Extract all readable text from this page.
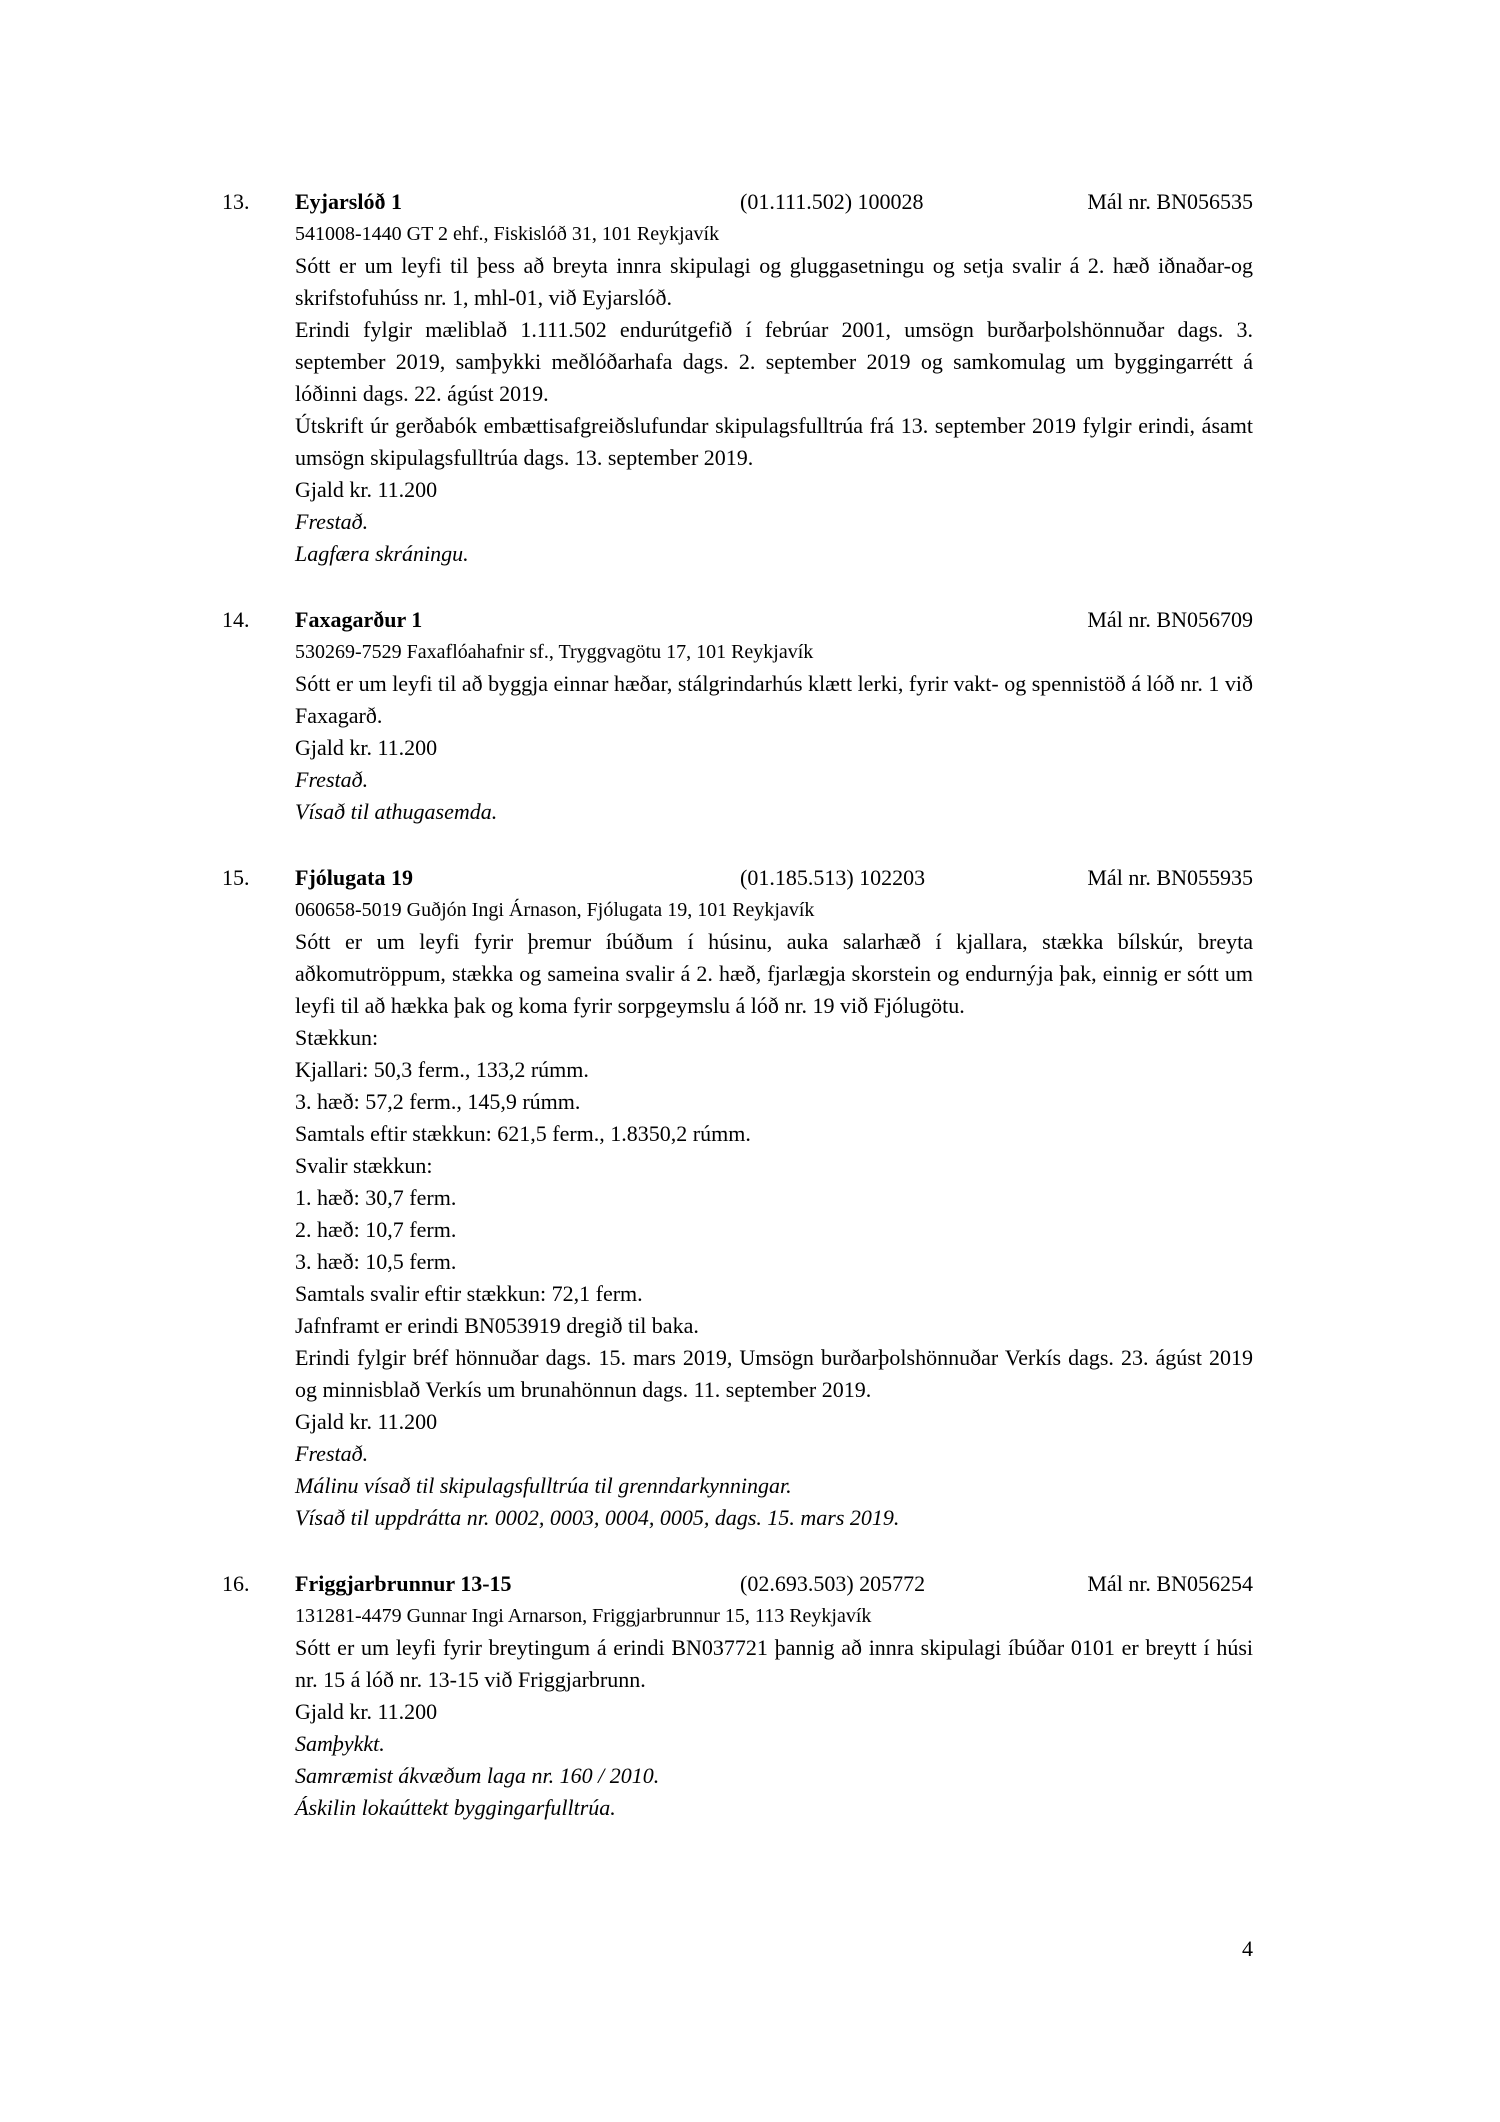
13.	Eyjarslóð 1	(01.111.502) 100028	Mál nr. BN056535

541008-1440 GT 2 ehf., Fiskislóð 31, 101 Reykjavík

Sótt er um leyfi til þess að breyta innra skipulagi og gluggasetningu og setja svalir á 2. hæð iðnaðar-og skrifstofuhúss nr. 1, mhl-01, við Eyjarslóð.

Erindi fylgir mæliblað 1.111.502 endurútgefið í febrúar 2001, umsögn burðarþolshönnuðar dags. 3. september 2019, samþykki meðlóðarhafa dags. 2. september 2019 og samkomulag um byggingarrétt á lóðinni dags. 22. ágúst 2019.

Útskrift úr gerðabók embættisafgreiðslufundar skipulagsfulltrúa frá 13. september 2019 fylgir erindi, ásamt umsögn skipulagsfulltrúa dags. 13. september 2019.

Gjald kr. 11.200

Frestað.

Lagfæra skráningu.

14.	Faxagarður 1	Mál nr. BN056709

530269-7529 Faxaflóahafnir sf., Tryggvagötu 17, 101 Reykjavík

Sótt er um leyfi til að byggja einnar hæðar, stálgrindarhús klætt lerki, fyrir vakt- og spennistöð á lóð nr. 1 við Faxagarð.

Gjald kr. 11.200

Frestað.

Vísað til athugasemda.

15.	Fjólugata 19	(01.185.513) 102203	Mál nr. BN055935

060658-5019 Guðjón Ingi Árnason, Fjólugata 19, 101 Reykjavík

Sótt er um leyfi fyrir þremur íbúðum í húsinu, auka salarhæð í kjallara, stækka bílskúr, breyta aðkomutröppum, stækka og sameina svalir á 2. hæð, fjarlægja skorstein og endurnýja þak, einnig er sótt um leyfi til að hækka þak og koma fyrir sorpgeymslu á lóð nr. 19 við Fjólugötu.

Stækkun:

Kjallari: 50,3 ferm., 133,2 rúmm.

3. hæð: 57,2 ferm., 145,9 rúmm.

Samtals eftir stækkun: 621,5 ferm., 1.8350,2 rúmm.

Svalir stækkun:

1. hæð: 30,7 ferm.

2. hæð: 10,7 ferm.

3. hæð: 10,5 ferm.

Samtals svalir eftir stækkun: 72,1 ferm.

Jafnframt er erindi BN053919 dregið til baka.

Erindi fylgir bréf hönnuðar dags. 15. mars 2019, Umsögn burðarþolshönnuðar Verkís dags. 23. ágúst 2019 og minnisblað Verkís um brunahönnun dags. 11. september 2019.

Gjald kr. 11.200

Frestað.

Málinu vísað til skipulagsfulltrúa til grenndarkynningar.

Vísað til uppdrátta nr. 0002, 0003, 0004, 0005, dags. 15. mars 2019.

16.	Friggjarbrunnur 13-15	(02.693.503) 205772	Mál nr. BN056254

131281-4479 Gunnar Ingi Arnarson, Friggjarbrunnur 15, 113 Reykjavík

Sótt er um leyfi fyrir breytingum á erindi BN037721 þannig að innra skipulagi íbúðar 0101 er breytt í húsi nr. 15 á lóð nr. 13-15 við Friggjarbrunn.

Gjald kr. 11.200

Samþykkt.

Samræmist ákvæðum laga nr. 160 / 2010.

Áskilin lokaúttekt byggingarfulltrúa.

4
